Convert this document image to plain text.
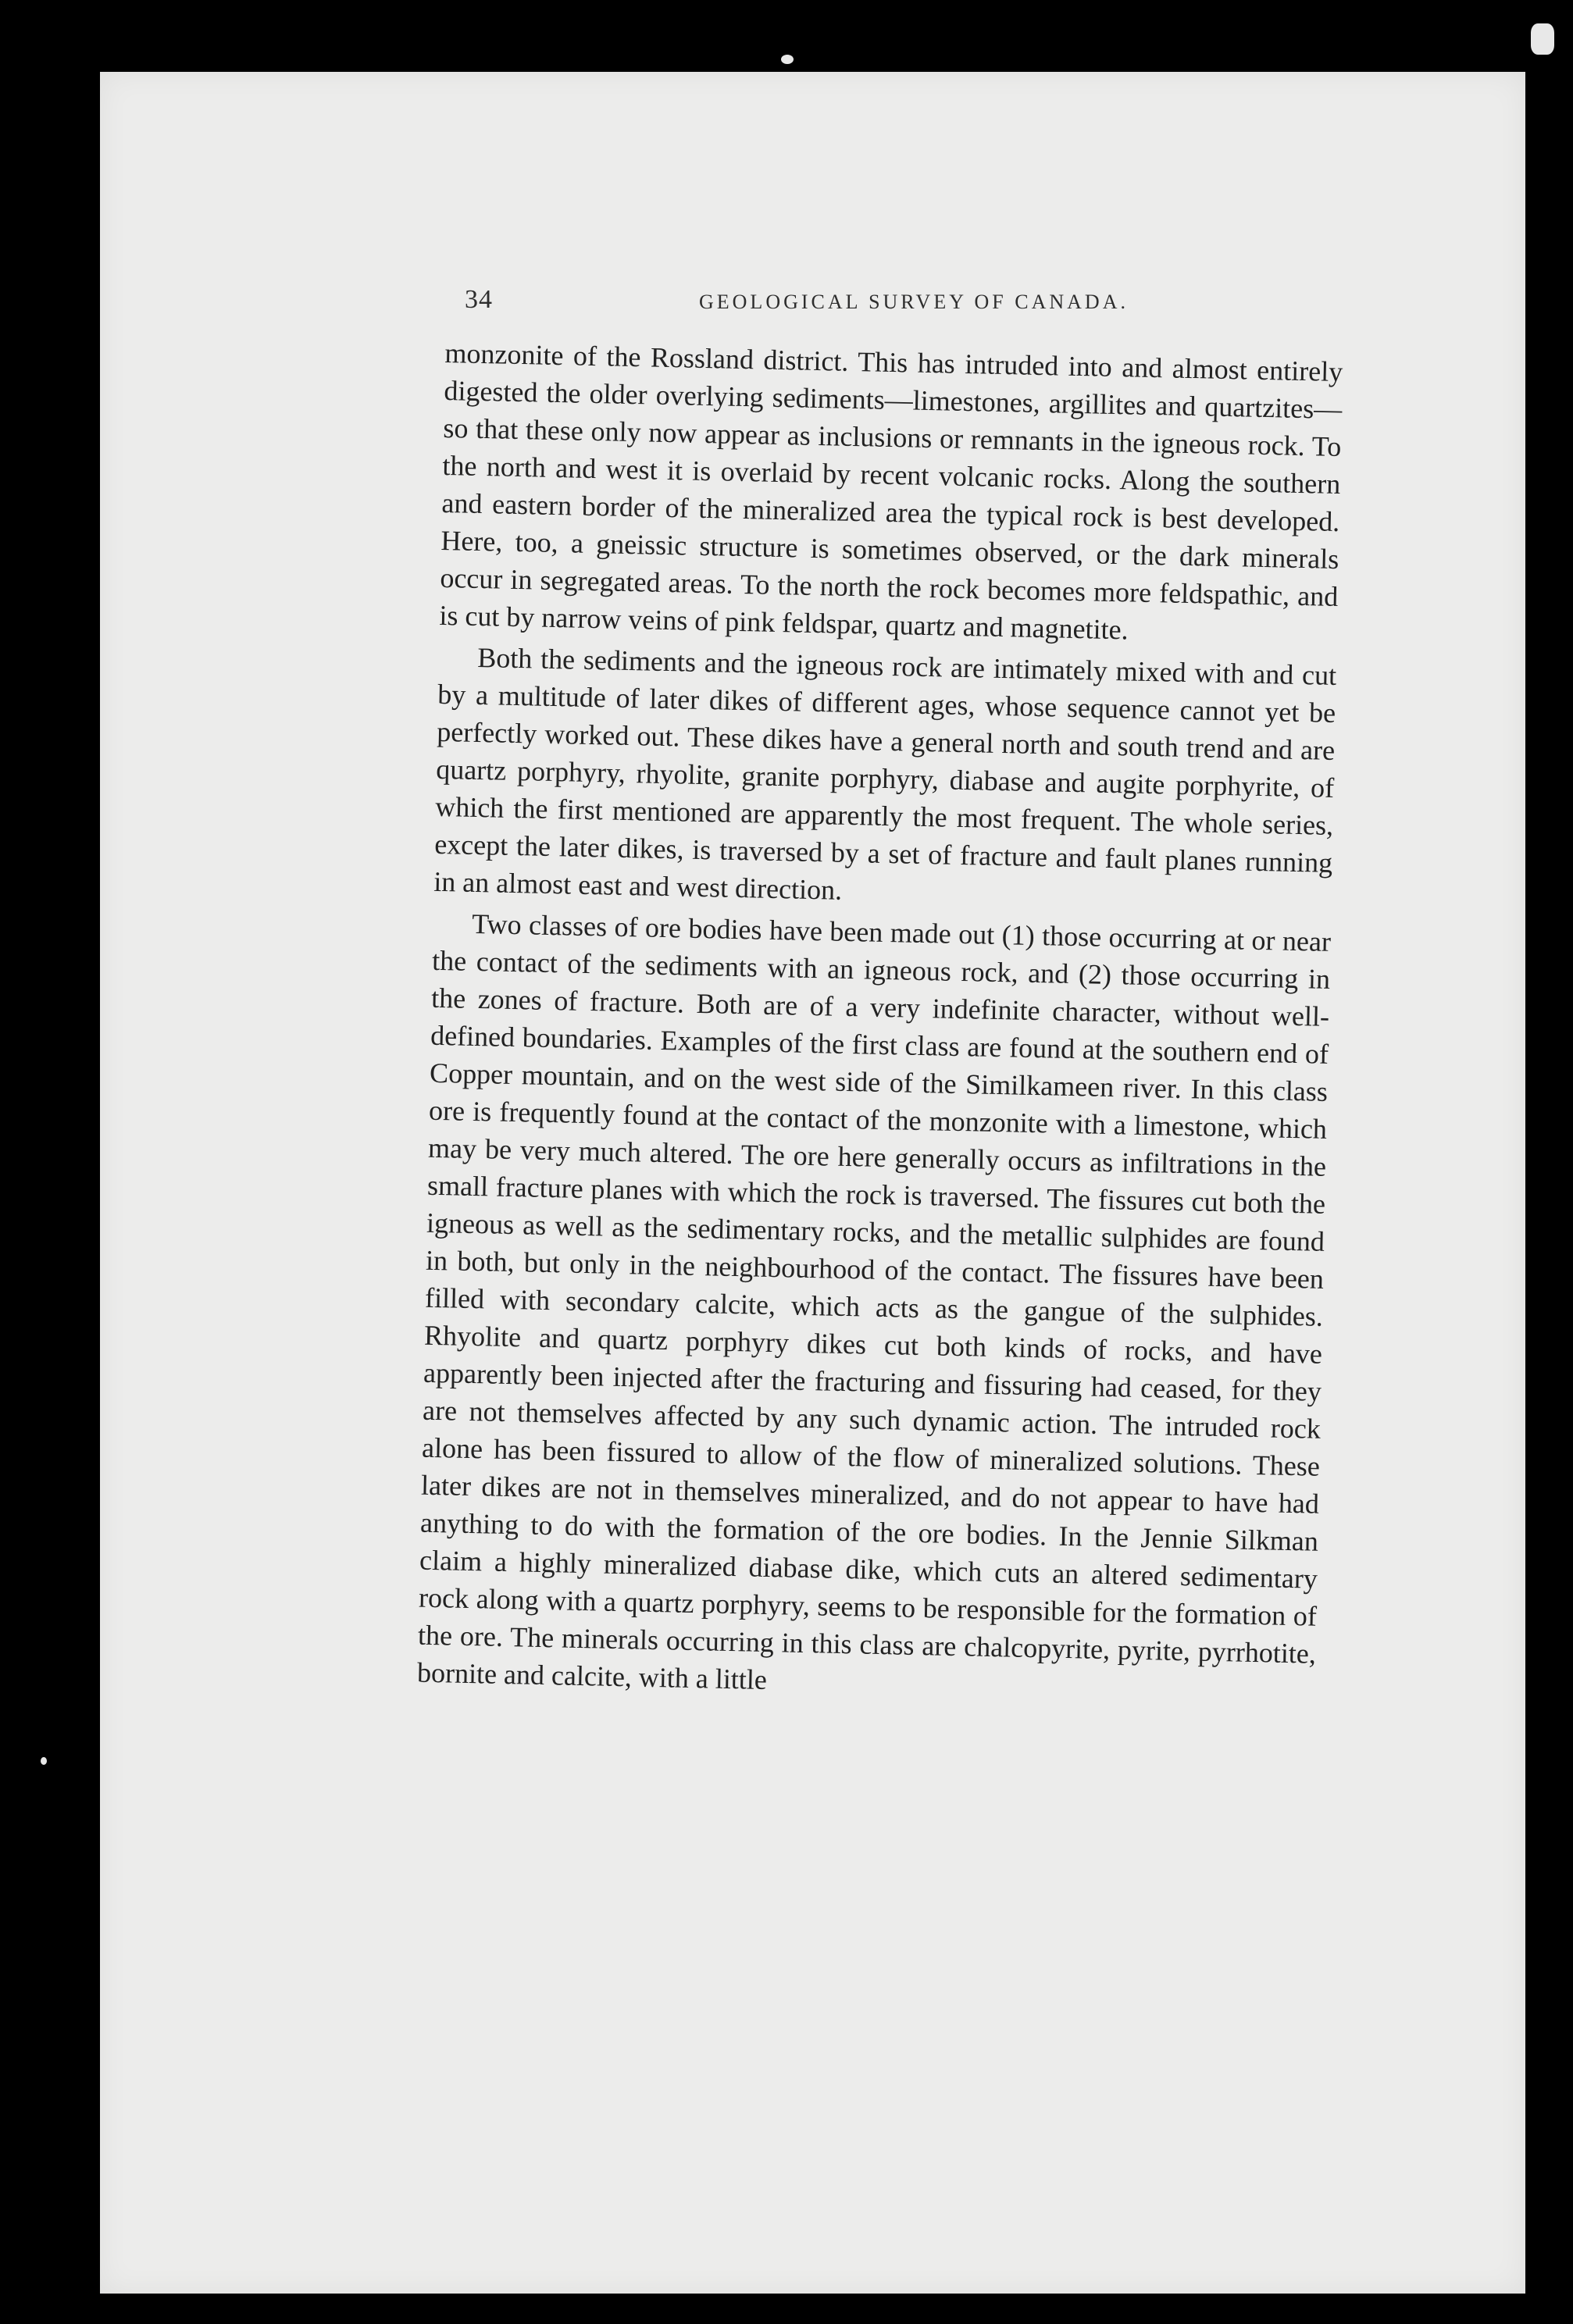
34	GEOLOGICAL SURVEY OF CANADA.

monzonite of the Rossland district. This has intruded into and almost entirely digested the older overlying sediments—limestones, argillites and quartzites—so that these only now appear as inclusions or remnants in the igneous rock. To the north and west it is overlaid by recent volcanic rocks. Along the southern and eastern border of the mineralized area the typical rock is best developed. Here, too, a gneissic structure is sometimes observed, or the dark minerals occur in segregated areas. To the north the rock becomes more feldspathic, and is cut by narrow veins of pink feldspar, quartz and magnetite.

Both the sediments and the igneous rock are intimately mixed with and cut by a multitude of later dikes of different ages, whose sequence cannot yet be perfectly worked out. These dikes have a general north and south trend and are quartz porphyry, rhyolite, granite porphyry, diabase and augite porphyrite, of which the first mentioned are apparently the most frequent. The whole series, except the later dikes, is traversed by a set of fracture and fault planes running in an almost east and west direction.

Two classes of ore bodies have been made out (1) those occurring at or near the contact of the sediments with an igneous rock, and (2) those occurring in the zones of fracture. Both are of a very indefinite character, without well-defined boundaries. Examples of the first class are found at the southern end of Copper mountain, and on the west side of the Similkameen river. In this class ore is frequently found at the contact of the monzonite with a limestone, which may be very much altered. The ore here generally occurs as infiltrations in the small fracture planes with which the rock is traversed. The fissures cut both the igneous as well as the sedimentary rocks, and the metallic sulphides are found in both, but only in the neighbourhood of the contact. The fissures have been filled with secondary calcite, which acts as the gangue of the sulphides. Rhyolite and quartz porphyry dikes cut both kinds of rocks, and have apparently been injected after the fracturing and fissuring had ceased, for they are not themselves affected by any such dynamic action. The intruded rock alone has been fissured to allow of the flow of mineralized solutions. These later dikes are not in themselves mineralized, and do not appear to have had anything to do with the formation of the ore bodies. In the Jennie Silkman claim a highly mineralized diabase dike, which cuts an altered sedimentary rock along with a quartz porphyry, seems to be responsible for the formation of the ore. The minerals occurring in this class are chalcopyrite, pyrite, pyrrhotite, bornite and calcite, with a little
